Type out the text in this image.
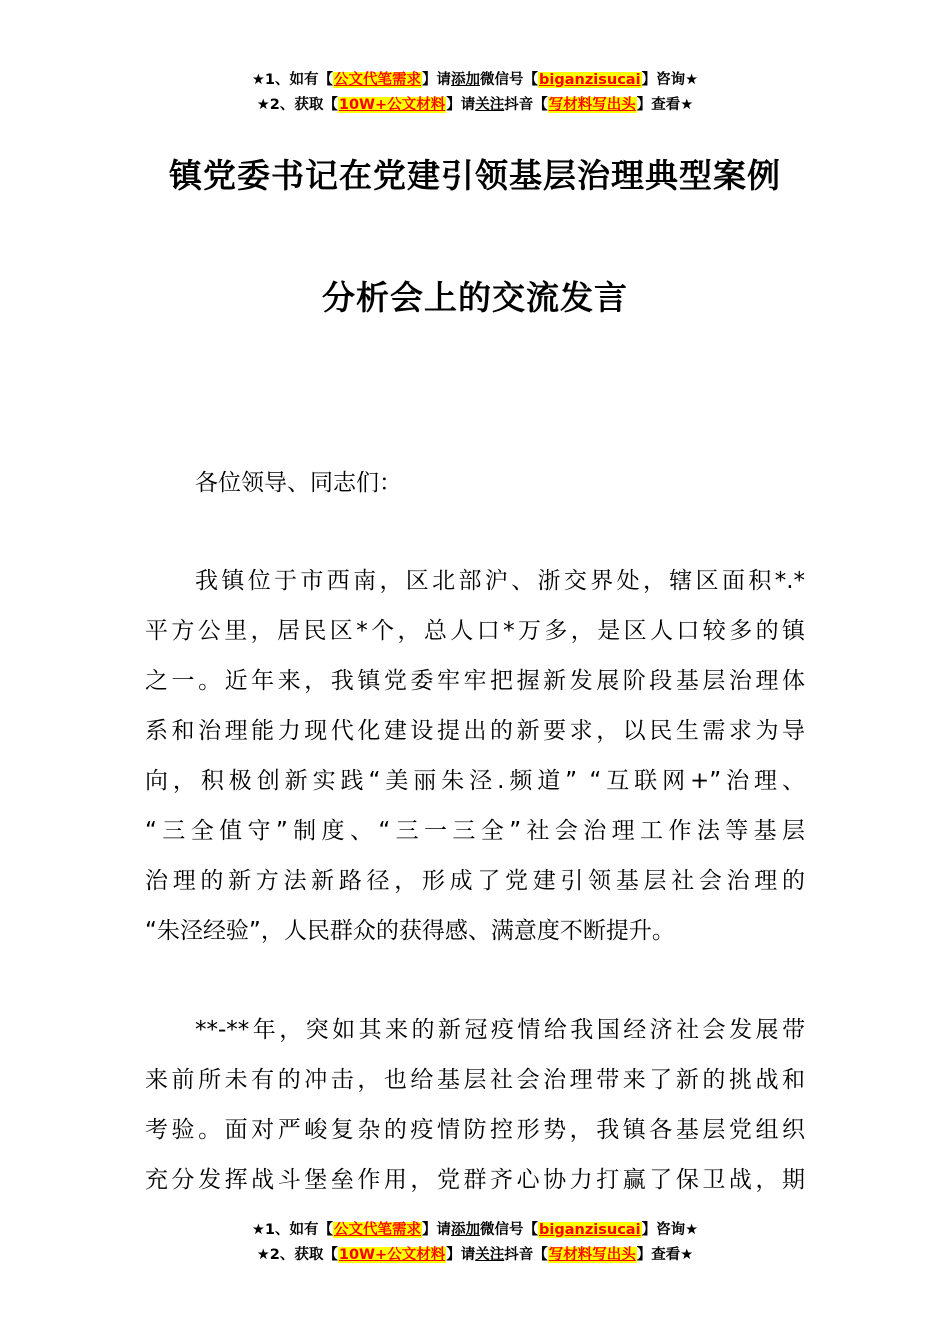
★1、如有【公文代笔需求】请添加微信号【biganzisucai】咨询★
★2、获取【10W+公文材料】请关注抖音【写材料写出头】查看★
镇党委书记在党建引领基层治理典型案例
分析会上的交流发言
各位领导、同志们：
我镇位于市西南，区北部沪、浙交界处，辖区面积*.*
平方公里，居民区*个，总人口*万多，是区人口较多的镇
之一。近年来，我镇党委牢牢把握新发展阶段基层治理体
系和治理能力现代化建设提出的新要求，以民生需求为导
向，积极创新实践“美丽朱泾.频道” “互联网+”治理、
“三全值守”制度、“三一三全”社会治理工作法等基层
治理的新方法新路径，形成了党建引领基层社会治理的
“朱泾经验”，人民群众的获得感、满意度不断提升。
**-**年，突如其来的新冠疫情给我国经济社会发展带
来前所未有的冲击，也给基层社会治理带来了新的挑战和
考验。面对严峻复杂的疫情防控形势，我镇各基层党组织
充分发挥战斗堡垒作用，党群齐心协力打赢了保卫战，期
★1、如有【公文代笔需求】请添加微信号【biganzisucai】咨询★
★2、获取【10W+公文材料】请关注抖音【写材料写出头】查看★
